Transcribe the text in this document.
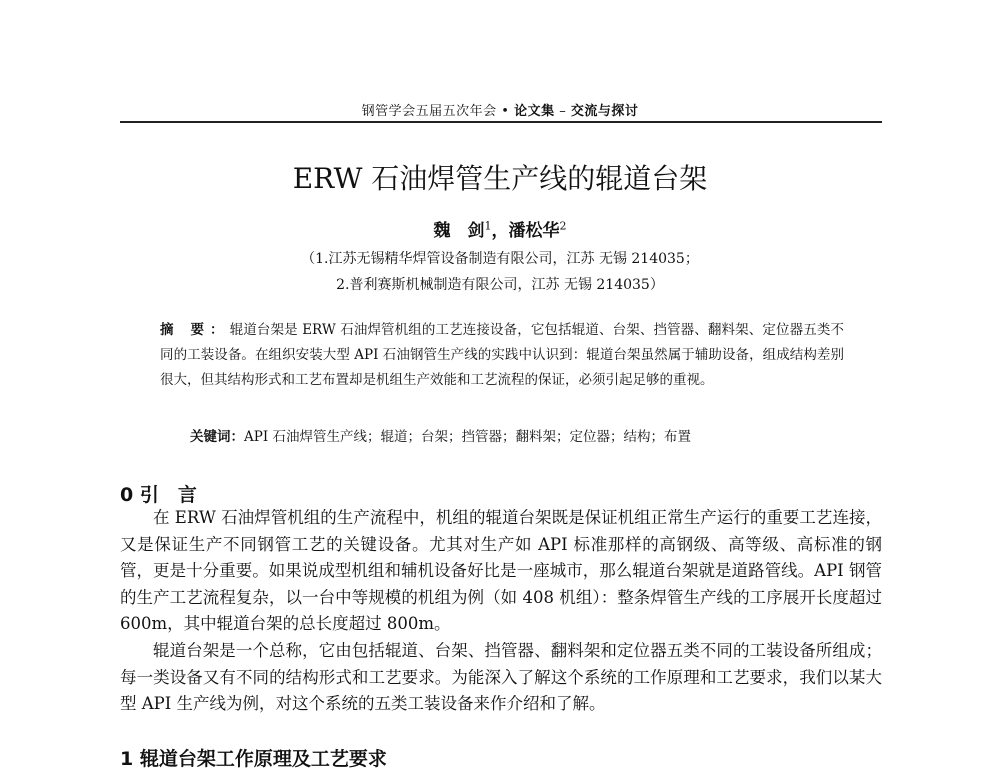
钢管学会五届五次年会 • 论文集 – 交流与探讨
ERW 石油焊管生产线的辊道台架
魏　剑$^1$，潘松华$^2$
（1.江苏无锡精华焊管设备制造有限公司，江苏 无锡 214035；
2.普利赛斯机械制造有限公司，江苏 无锡 214035）
摘 要：辊道台架是 ERW 石油焊管机组的工艺连接设备，它包括辊道、台架、挡管器、翻料架、定位器五类不同的工装设备。在组织安装大型 API 石油钢管生产线的实践中认识到：辊道台架虽然属于辅助设备，组成结构差别很大，但其结构形式和工艺布置却是机组生产效能和工艺流程的保证，必须引起足够的重视。
关键词：API 石油焊管生产线；辊道；台架；挡管器；翻料架；定位器；结构；布置
0 引　言

在 ERW 石油焊管机组的生产流程中，机组的辊道台架既是保证机组正常生产运行的重要工艺连接，又是保证生产不同钢管工艺的关键设备。尤其对生产如 API 标准那样的高钢级、高等级、高标准的钢管，更是十分重要。如果说成型机组和辅机设备好比是一座城市，那么辊道台架就是道路管线。API 钢管的生产工艺流程复杂，以一台中等规模的机组为例（如 408 机组）：整条焊管生产线的工序展开长度超过 600m，其中辊道台架的总长度超过 800m。

辊道台架是一个总称，它由包括辊道、台架、挡管器、翻料架和定位器五类不同的工装设备所组成；每一类设备又有不同的结构形式和工艺要求。为能深入了解这个系统的工作原理和工艺要求，我们以某大型 API 生产线为例，对这个系统的五类工装设备来作介绍和了解。

1 辊道台架工作原理及工艺要求
